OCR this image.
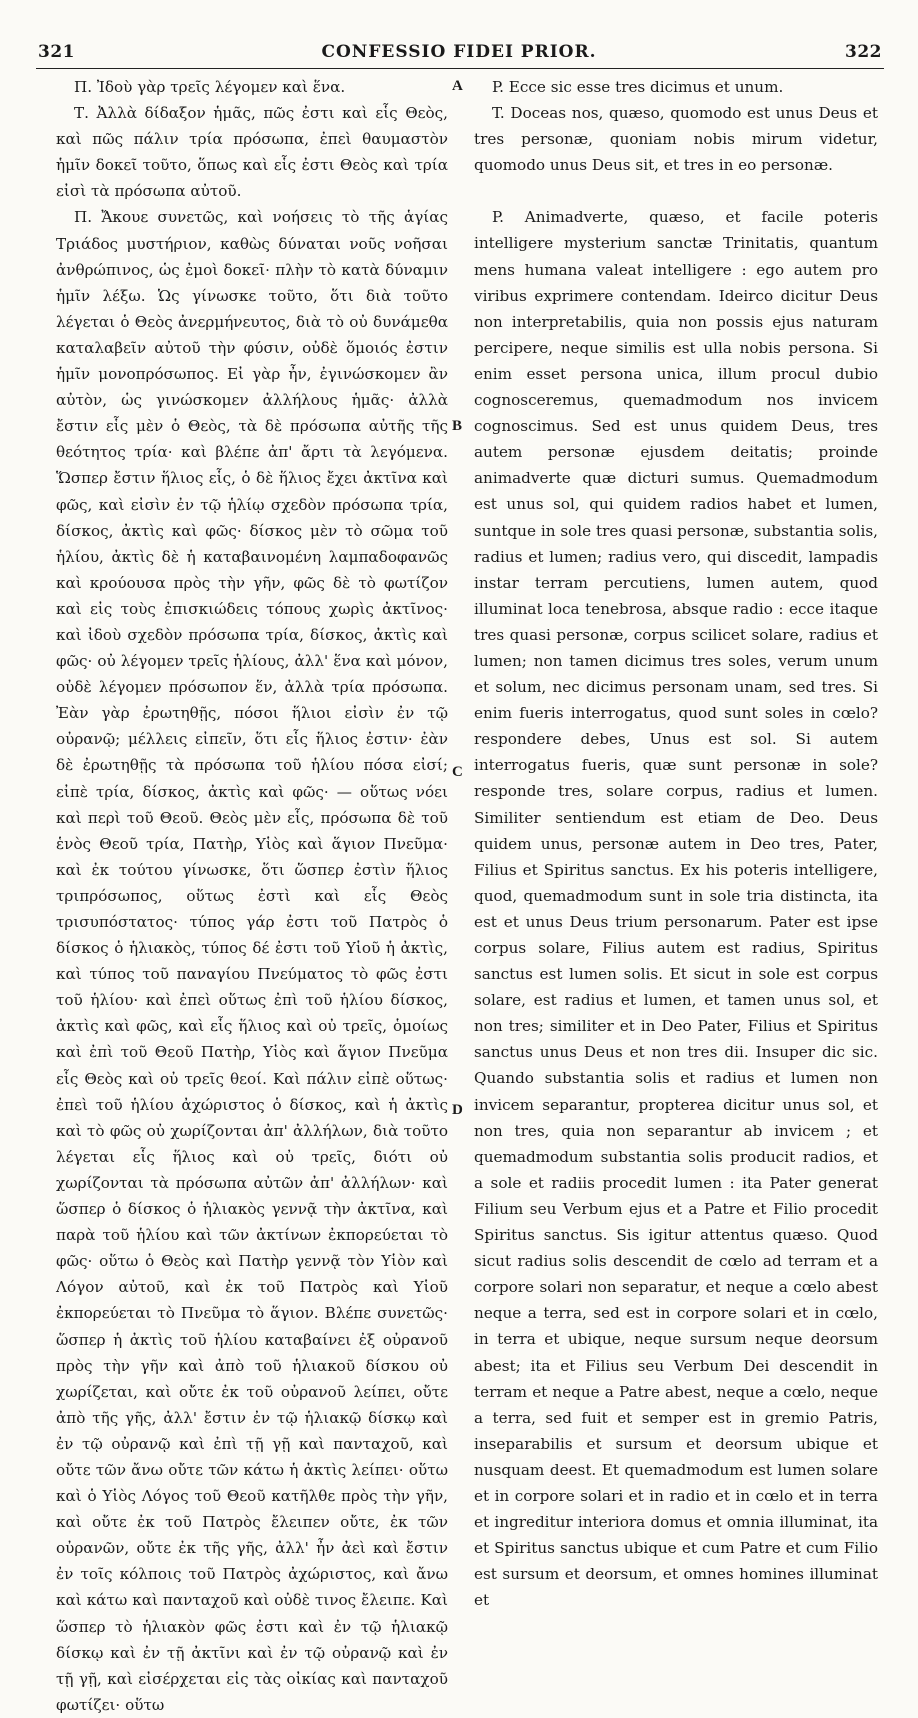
321	CONFESSIO FIDEI PRIOR.	322
A
B
C
D

Π. Ἰδοὺ γὰρ τρεῖς λέγομεν καὶ ἕνα.

Τ. Ἀλλὰ δίδαξον ἡμᾶς, πῶς ἐστι καὶ εἷς Θεὸς, καὶ πῶς πάλιν τρία πρόσωπα, ἐπεὶ θαυμαστὸν ἡμῖν δοκεῖ τοῦτο, ὅπως καὶ εἷς ἐστι Θεὸς καὶ τρία εἰσὶ τὰ πρόσωπα αὐτοῦ.

Π. Ἄκουε συνετῶς, καὶ νοήσεις τὸ τῆς ἁγίας Τριάδος μυστήριον, καθὼς δύναται νοῦς νοῆσαι ἀνθρώπινος, ὡς ἐμοὶ δοκεῖ· πλὴν τὸ κατὰ δύναμιν ἡμῖν λέξω. Ὡς γίνωσκε τοῦτο, ὅτι διὰ τοῦτο λέγεται ὁ Θεὸς ἀνερμήνευτος, διὰ τὸ οὐ δυνάμεθα καταλαβεῖν αὐτοῦ τὴν φύσιν, οὐδὲ ὅμοιός ἐστιν ἡμῖν μονοπρόσωπος. Εἰ γὰρ ἦν, ἐγινώσκομεν ἂν αὐτὸν, ὡς γινώσκομεν ἀλλήλους ἡμᾶς· ἀλλὰ ἔστιν εἷς μὲν ὁ Θεὸς, τὰ δὲ πρόσωπα αὐτῆς τῆς θεότητος τρία· καὶ βλέπε ἀπ' ἄρτι τὰ λεγόμενα. Ὥσπερ ἔστιν ἥλιος εἷς, ὁ δὲ ἥλιος ἔχει ἀκτῖνα καὶ φῶς, καὶ εἰσὶν ἐν τῷ ἡλίῳ σχεδὸν πρόσωπα τρία, δίσκος, ἀκτὶς καὶ φῶς· δίσκος μὲν τὸ σῶμα τοῦ ἡλίου, ἀκτὶς δὲ ἡ καταβαινομένη λαμπαδοφανῶς καὶ κρούουσα πρὸς τὴν γῆν, φῶς δὲ τὸ φωτίζον καὶ εἰς τοὺς ἐπισκιώδεις τόπους χωρὶς ἀκτῖνος· καὶ ἰδοὺ σχεδὸν πρόσωπα τρία, δίσκος, ἀκτὶς καὶ φῶς· οὐ λέγομεν τρεῖς ἡλίους, ἀλλ' ἕνα καὶ μόνον, οὐδὲ λέγομεν πρόσωπον ἕν, ἀλλὰ τρία πρόσωπα. Ἐὰν γὰρ ἐρωτηθῇς, πόσοι ἥλιοι εἰσὶν ἐν τῷ οὐρανῷ; μέλλεις εἰπεῖν, ὅτι εἷς ἥλιος ἐστιν· ἐὰν δὲ ἐρωτηθῇς τὰ πρόσωπα τοῦ ἡλίου πόσα εἰσί; εἰπὲ τρία, δίσκος, ἀκτὶς καὶ φῶς· — οὕτως νόει καὶ περὶ τοῦ Θεοῦ. Θεὸς μὲν εἷς, πρόσωπα δὲ τοῦ ἑνὸς Θεοῦ τρία, Πατὴρ, Υἱὸς καὶ ἅγιον Πνεῦμα· καὶ ἐκ τούτου γίνωσκε, ὅτι ὥσπερ ἐστὶν ἥλιος τριπρόσωπος, οὕτως ἐστὶ καὶ εἷς Θεὸς τρισυπόστατος· τύπος γάρ ἐστι τοῦ Πατρὸς ὁ δίσκος ὁ ἡλιακὸς, τύπος δέ ἐστι τοῦ Υἱοῦ ἡ ἀκτὶς, καὶ τύπος τοῦ παναγίου Πνεύματος τὸ φῶς ἐστι τοῦ ἡλίου· καὶ ἐπεὶ οὕτως ἐπὶ τοῦ ἡλίου δίσκος, ἀκτὶς καὶ φῶς, καὶ εἷς ἥλιος καὶ οὐ τρεῖς, ὁμοίως καὶ ἐπὶ τοῦ Θεοῦ Πατὴρ, Υἱὸς καὶ ἅγιον Πνεῦμα εἷς Θεὸς καὶ οὐ τρεῖς θεοί. Καὶ πάλιν εἰπὲ οὕτως· ἐπεὶ τοῦ ἡλίου ἀχώριστος ὁ δίσκος, καὶ ἡ ἀκτὶς καὶ τὸ φῶς οὐ χωρίζονται ἀπ' ἀλλήλων, διὰ τοῦτο λέγεται εἷς ἥλιος καὶ οὐ τρεῖς, διότι οὐ χωρίζονται τὰ πρόσωπα αὐτῶν ἀπ' ἀλλήλων· καὶ ὥσπερ ὁ δίσκος ὁ ἡλιακὸς γεννᾷ τὴν ἀκτῖνα, καὶ παρὰ τοῦ ἡλίου καὶ τῶν ἀκτίνων ἐκπορεύεται τὸ φῶς· οὕτω ὁ Θεὸς καὶ Πατὴρ γεννᾷ τὸν Υἱὸν καὶ Λόγον αὐτοῦ, καὶ ἐκ τοῦ Πατρὸς καὶ Υἱοῦ ἐκπορεύεται τὸ Πνεῦμα τὸ ἅγιον. Βλέπε συνετῶς· ὥσπερ ἡ ἀκτὶς τοῦ ἡλίου καταβαίνει ἐξ οὐρανοῦ πρὸς τὴν γῆν καὶ ἀπὸ τοῦ ἡλιακοῦ δίσκου οὐ χωρίζεται, καὶ οὔτε ἐκ τοῦ οὐρανοῦ λείπει, οὔτε ἀπὸ τῆς γῆς, ἀλλ' ἔστιν ἐν τῷ ἡλιακῷ δίσκῳ καὶ ἐν τῷ οὐρανῷ καὶ ἐπὶ τῇ γῇ καὶ πανταχοῦ, καὶ οὔτε τῶν ἄνω οὔτε τῶν κάτω ἡ ἀκτὶς λείπει· οὕτω καὶ ὁ Υἱὸς Λόγος τοῦ Θεοῦ κατῆλθε πρὸς τὴν γῆν, καὶ οὔτε ἐκ τοῦ Πατρὸς ἔλειπεν οὔτε, ἐκ τῶν οὐρανῶν, οὔτε ἐκ τῆς γῆς, ἀλλ' ἦν ἀεὶ καὶ ἔστιν ἐν τοῖς κόλποις τοῦ Πατρὸς ἀχώριστος, καὶ ἄνω καὶ κάτω καὶ πανταχοῦ καὶ οὐδὲ τινος ἔλειπε. Καὶ ὥσπερ τὸ ἡλιακὸν φῶς ἐστι καὶ ἐν τῷ ἡλιακῷ δίσκῳ καὶ ἐν τῇ ἀκτῖνι καὶ ἐν τῷ οὐρανῷ καὶ ἐν τῇ γῇ, καὶ εἰσέρχεται εἰς τὰς οἰκίας καὶ πανταχοῦ φωτίζει· οὕτω

P. Ecce sic esse tres dicimus et unum.

T. Doceas nos, quæso, quomodo est unus Deus et tres personæ, quoniam nobis mirum videtur, quomodo unus Deus sit, et tres in eo personæ.

P. Animadverte, quæso, et facile poteris intelligere mysterium sanctæ Trinitatis, quantum mens humana valeat intelligere : ego autem pro viribus exprimere contendam. Ideirco dicitur Deus non interpretabilis, quia non possis ejus naturam percipere, neque similis est ulla nobis persona. Si enim esset persona unica, illum procul dubio cognosceremus, quemadmodum nos invicem cognoscimus. Sed est unus quidem Deus, tres autem personæ ejusdem deitatis; proinde animadverte quæ dicturi sumus. Quemadmodum est unus sol, qui quidem radios habet et lumen, suntque in sole tres quasi personæ, substantia solis, radius et lumen; radius vero, qui discedit, lampadis instar terram percutiens, lumen autem, quod illuminat loca tenebrosa, absque radio : ecce itaque tres quasi personæ, corpus scilicet solare, radius et lumen; non tamen dicimus tres soles, verum unum et solum, nec dicimus personam unam, sed tres. Si enim fueris interrogatus, quod sunt soles in cœlo? respondere debes, Unus est sol. Si autem interrogatus fueris, quæ sunt personæ in sole? responde tres, solare corpus, radius et lumen. Similiter sentiendum est etiam de Deo. Deus quidem unus, personæ autem in Deo tres, Pater, Filius et Spiritus sanctus. Ex his poteris intelligere, quod, quemadmodum sunt in sole tria distincta, ita est et unus Deus trium personarum. Pater est ipse corpus solare, Filius autem est radius, Spiritus sanctus est lumen solis. Et sicut in sole est corpus solare, est radius et lumen, et tamen unus sol, et non tres; similiter et in Deo Pater, Filius et Spiritus sanctus unus Deus et non tres dii. Insuper dic sic. Quando substantia solis et radius et lumen non invicem separantur, propterea dicitur unus sol, et non tres, quia non separantur ab invicem ; et quemadmodum substantia solis producit radios, et a sole et radiis procedit lumen : ita Pater generat Filium seu Verbum ejus et a Patre et Filio procedit Spiritus sanctus. Sis igitur attentus quæso. Quod sicut radius solis descendit de cœlo ad terram et a corpore solari non separatur, et neque a cœlo abest neque a terra, sed est in corpore solari et in cœlo, in terra et ubique, neque sursum neque deorsum abest; ita et Filius seu Verbum Dei descendit in terram et neque a Patre abest, neque a cœlo, neque a terra, sed fuit et semper est in gremio Patris, inseparabilis et sursum et deorsum ubique et nusquam deest. Et quemadmodum est lumen solare et in corpore solari et in radio et in cœlo et in terra et ingreditur interiora domus et omnia illuminat, ita et Spiritus sanctus ubique et cum Patre et cum Filio est sursum et deorsum, et omnes homines illuminat et
